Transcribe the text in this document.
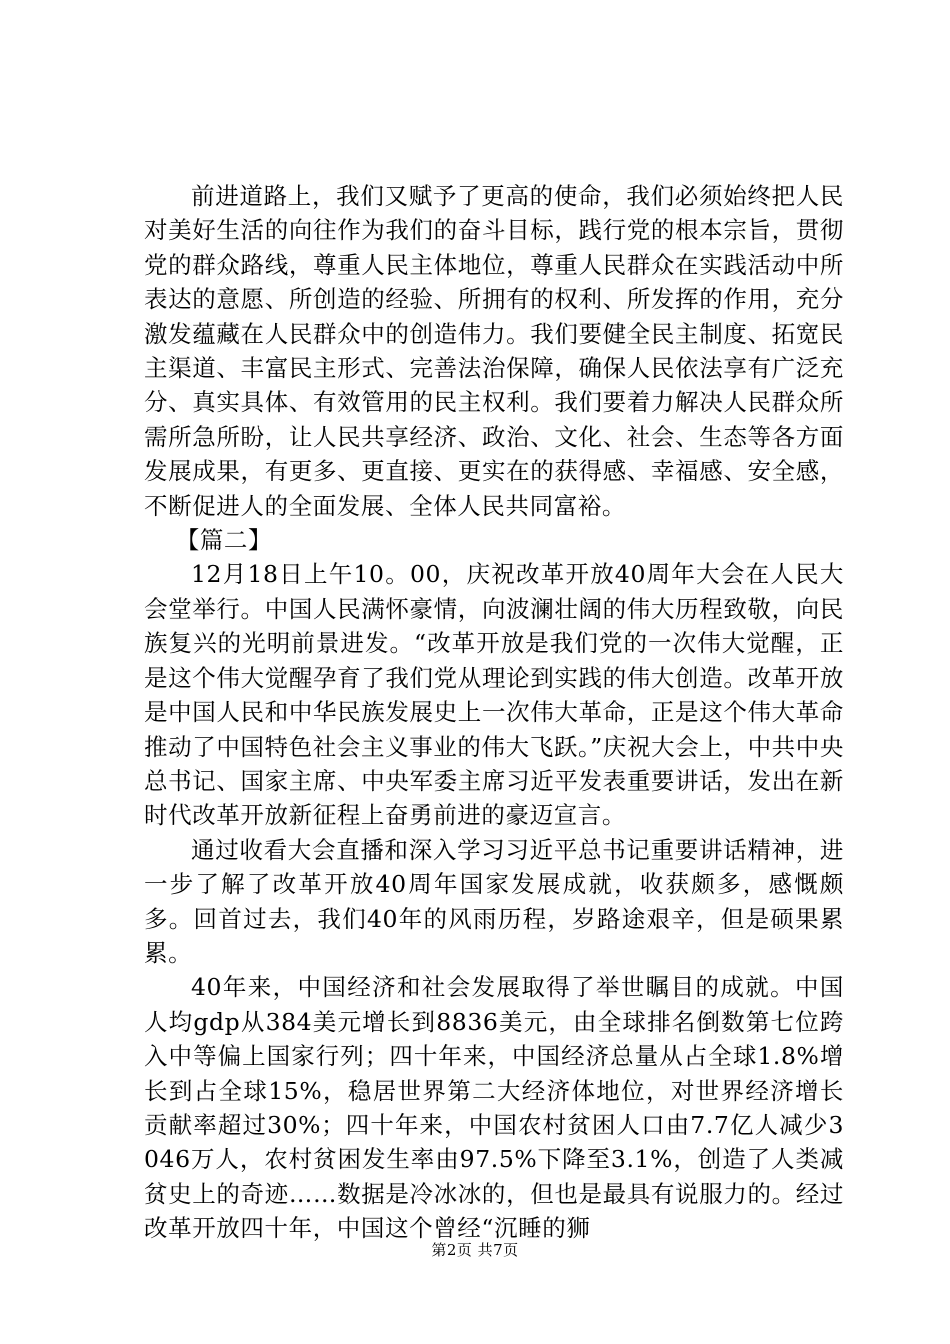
前进道路上，我们又赋予了更高的使命，我们必须始终把人民对美好生活的向往作为我们的奋斗目标，践行党的根本宗旨，贯彻党的群众路线，尊重人民主体地位，尊重人民群众在实践活动中所表达的意愿、所创造的经验、所拥有的权利、所发挥的作用，充分激发蕴藏在人民群众中的创造伟力。我们要健全民主制度、拓宽民主渠道、丰富民主形式、完善法治保障，确保人民依法享有广泛充分、真实具体、有效管用的民主权利。我们要着力解决人民群众所需所急所盼，让人民共享经济、政治、文化、社会、生态等各方面发展成果，有更多、更直接、更实在的获得感、幸福感、安全感，不断促进人的全面发展、全体人民共同富裕。

【篇二】

12月18日上午10。00，庆祝改革开放40周年大会在人民大会堂举行。中国人民满怀豪情，向波澜壮阔的伟大历程致敬，向民族复兴的光明前景进发。“改革开放是我们党的一次伟大觉醒，正是这个伟大觉醒孕育了我们党从理论到实践的伟大创造。改革开放是中国人民和中华民族发展史上一次伟大革命，正是这个伟大革命推动了中国特色社会主义事业的伟大飞跃。”庆祝大会上，中共中央总书记、国家主席、中央军委主席习近平发表重要讲话，发出在新时代改革开放新征程上奋勇前进的豪迈宣言。

通过收看大会直播和深入学习习近平总书记重要讲话精神，进一步了解了改革开放40周年国家发展成就，收获颇多，感慨颇多。回首过去，我们40年的风雨历程，岁路途艰辛，但是硕果累累。

40年来，中国经济和社会发展取得了举世瞩目的成就。中国人均gdp从384美元增长到8836美元，由全球排名倒数第七位跨入中等偏上国家行列；四十年来，中国经济总量从占全球1.8%增长到占全球15%，稳居世界第二大经济体地位，对世界经济增长贡献率超过30%；四十年来，中国农村贫困人口由7.7亿人减少3046万人，农村贫困发生率由97.5%下降至3.1%，创造了人类减贫史上的奇迹……数据是冷冰冰的，但也是最具有说服力的。经过改革开放四十年，中国这个曾经“沉睡的狮

第2页 共7页
